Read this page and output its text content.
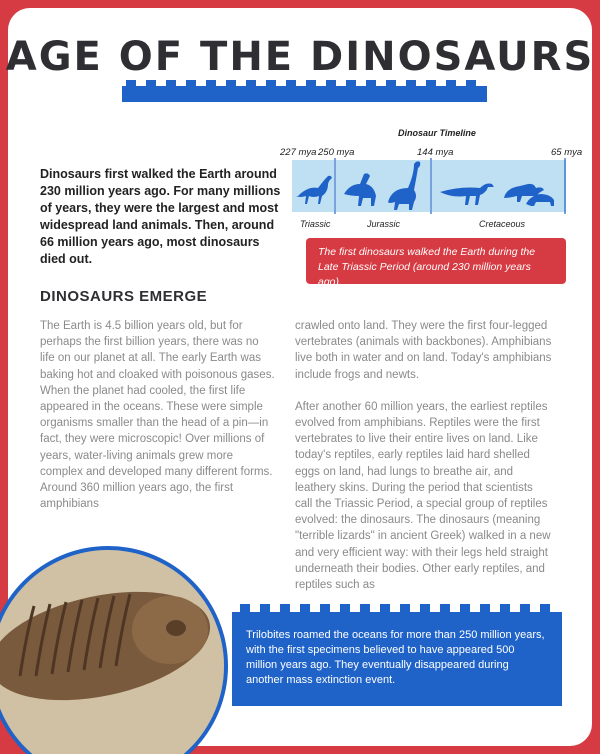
AGE OF THE DINOSAURS
Dinosaurs first walked the Earth around 230 million years ago. For many millions of years, they were the largest and most widespread land animals. Then, around 66 million years ago, most dinosaurs died out.
Dinosaur Timeline
227 mya 250 mya	144 mya	65 mya
Triassic	Jurassic	Cretaceous
The first dinosaurs walked the Earth during the Late Triassic Period (around 230 million years ago).
DINOSAURS EMERGE

The Earth is 4.5 billion years old, but for perhaps the first billion years, there was no life on our planet at all. The early Earth was baking hot and cloaked with poisonous gases. When the planet had cooled, the first life appeared in the oceans. These were simple organisms smaller than the head of a pin—in fact, they were microscopic! Over millions of years, water-living animals grew more complex and developed many different forms. Around 360 million years ago, the first amphibians

crawled onto land. They were the first four-legged vertebrates (animals with backbones). Amphibians live both in water and on land. Today's amphibians include frogs and newts.

After another 60 million years, the earliest reptiles evolved from amphibians. Reptiles were the first vertebrates to live their entire lives on land. Like today's reptiles, early reptiles laid hard shelled eggs on land, had lungs to breathe air, and leathery skins. During the period that scientists call the Triassic Period, a special group of reptiles evolved: the dinosaurs. The dinosaurs (meaning "terrible lizards" in ancient Greek) walked in a new and very efficient way: with their legs held straight underneath their bodies. Other early reptiles, and reptiles such as

Trilobites roamed the oceans for more than 250 million years, with the first specimens believed to have appeared 500 million years ago. They eventually disappeared during another mass extinction event.
